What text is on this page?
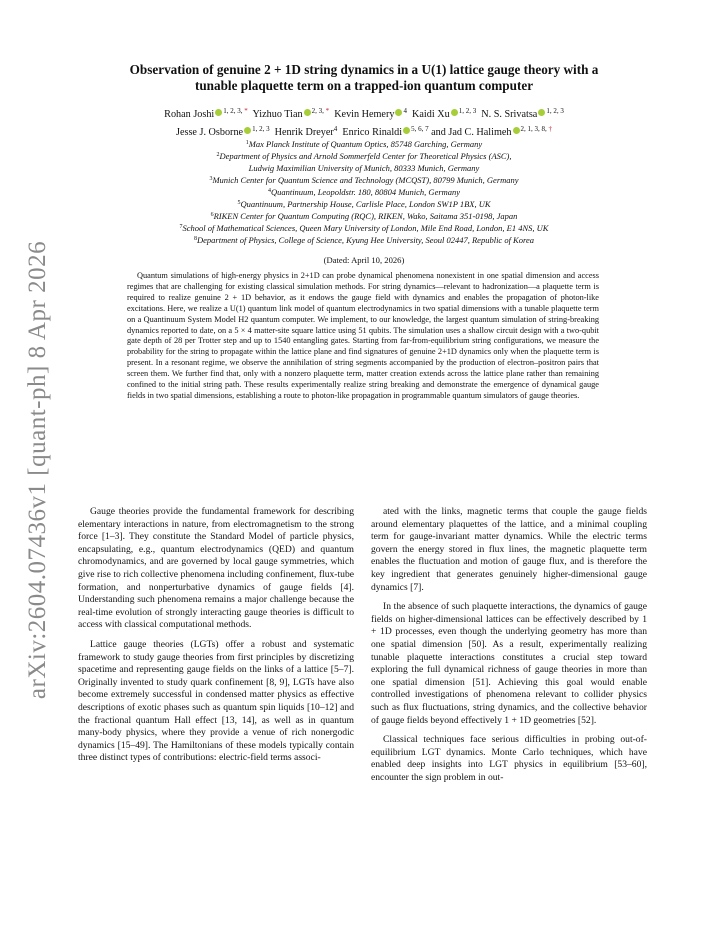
arXiv:2604.07436v1 [quant-ph] 8 Apr 2026
Observation of genuine 2 + 1D string dynamics in a U(1) lattice gauge theory with a
tunable plaquette term on a trapped-ion quantum computer
Rohan Joshi $^{1, 2, 3,}$ * Yizhuo Tian $^{2, 3,}$ * Kevin Hemery $^4$ Kaidi Xu $^{1, 2, 3}$ N. S. Srivatsa $^{1, 2, 3}$
Jesse J. Osborne $^{1, 2, 3}$ Henrik Dreyer$^4$ Enrico Rinaldi $^{5, 6, 7}$ and Jad C. Halimeh $^{2, 1, 3, 8,}$ †
$^1$Max Planck Institute of Quantum Optics, 85748 Garching, Germany
$^2$Department of Physics and Arnold Sommerfeld Center for Theoretical Physics (ASC),
Ludwig Maximilian University of Munich, 80333 Munich, Germany
$^3$Munich Center for Quantum Science and Technology (MCQST), 80799 Munich, Germany
$^4$Quantinuum, Leopoldstr. 180, 80804 Munich, Germany
$^5$Quantinuum, Partnership House, Carlisle Place, London SW1P 1BX, UK
$^6$RIKEN Center for Quantum Computing (RQC), RIKEN, Wako, Saitama 351-0198, Japan
$^7$School of Mathematical Sciences, Queen Mary University of London, Mile End Road, London, E1 4NS, UK
$^8$Department of Physics, College of Science, Kyung Hee University, Seoul 02447, Republic of Korea
(Dated: April 10, 2026)

Quantum simulations of high-energy physics in 2+1D can probe dynamical phenomena nonexistent in one spatial dimension and access regimes that are challenging for existing classical simulation methods. For string dynamics—relevant to hadronization—a plaquette term is required to realize genuine 2 + 1D behavior, as it endows the gauge field with dynamics and enables the propagation of photon-like excitations. Here, we realize a U(1) quantum link model of quantum electrodynamics in two spatial dimensions with a tunable plaquette term on a Quantinuum System Model H2 quantum computer. We implement, to our knowledge, the largest quantum simulation of string-breaking dynamics reported to date, on a 5 × 4 matter-site square lattice using 51 qubits. The simulation uses a shallow circuit design with a two-qubit gate depth of 28 per Trotter step and up to 1540 entangling gates. Starting from far-from-equilibrium string configurations, we measure the probability for the string to propagate within the lattice plane and find signatures of genuine 2+1D dynamics only when the plaquette term is present. In a resonant regime, we observe the annihilation of string segments accompanied by the production of electron–positron pairs that screen them. We further find that, only with a nonzero plaquette term, matter creation extends across the lattice plane rather than remaining confined to the initial string path. These results experimentally realize string breaking and demonstrate the emergence of dynamical gauge fields in two spatial dimensions, establishing a route to photon-like propagation in programmable quantum simulators of gauge theories.

Gauge theories provide the fundamental framework for describing elementary interactions in nature, from electromagnetism to the strong force [1–3]. They constitute the Standard Model of particle physics, encapsulating, e.g., quantum electrodynamics (QED) and quantum chromodynamics, and are governed by local gauge symmetries, which give rise to rich collective phenomena including confinement, flux-tube formation, and nonperturbative dynamics of gauge fields [4]. Understanding such phenomena remains a major challenge because the real-time evolution of strongly interacting gauge theories is difficult to access with classical computational methods.

Lattice gauge theories (LGTs) offer a robust and systematic framework to study gauge theories from first principles by discretizing spacetime and representing gauge fields on the links of a lattice [5–7]. Originally invented to study quark confinement [8, 9], LGTs have also become extremely successful in condensed matter physics as effective descriptions of exotic phases such as quantum spin liquids [10–12] and the fractional quantum Hall effect [13, 14], as well as in quantum many-body physics, where they provide a venue of rich nonergodic dynamics [15–49]. The Hamiltonians of these models typically contain three distinct types of contributions: electric-field terms associ-

ated with the links, magnetic terms that couple the gauge fields around elementary plaquettes of the lattice, and a minimal coupling term for gauge-invariant matter dynamics. While the electric terms govern the energy stored in flux lines, the magnetic plaquette term enables the fluctuation and motion of gauge flux, and is therefore the key ingredient that generates genuinely higher-dimensional gauge dynamics [7].

In the absence of such plaquette interactions, the dynamics of gauge fields on higher-dimensional lattices can be effectively described by 1 + 1D processes, even though the underlying geometry has more than one spatial dimension [50]. As a result, experimentally realizing tunable plaquette interactions constitutes a crucial step toward exploring the full dynamical richness of gauge theories in more than one spatial dimension [51]. Achieving this goal would enable controlled investigations of phenomena relevant to collider physics such as flux fluctuations, string dynamics, and the collective behavior of gauge fields beyond effectively 1 + 1D geometries [52].

Classical techniques face serious difficulties in probing out-of-equilibrium LGT dynamics. Monte Carlo techniques, which have enabled deep insights into LGT physics in equilibrium [53–60], encounter the sign problem in out-
